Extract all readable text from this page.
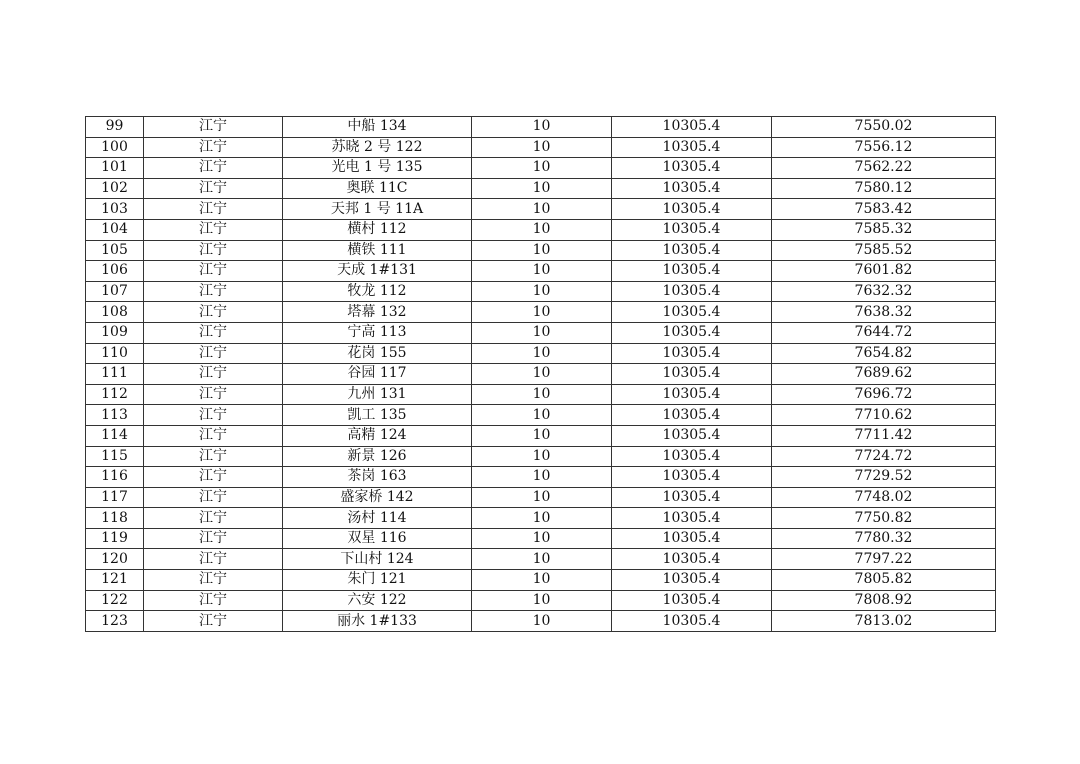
99	江宁	中船 134	10	10305.4	7550.02
100	江宁	苏晓 2 号 122	10	10305.4	7556.12
101	江宁	光电 1 号 135	10	10305.4	7562.22
102	江宁	奥联 11C	10	10305.4	7580.12
103	江宁	天邦 1 号 11A	10	10305.4	7583.42
104	江宁	横村 112	10	10305.4	7585.32
105	江宁	横铁 111	10	10305.4	7585.52
106	江宁	天成 1#131	10	10305.4	7601.82
107	江宁	牧龙 112	10	10305.4	7632.32
108	江宁	塔幕 132	10	10305.4	7638.32
109	江宁	宁高 113	10	10305.4	7644.72
110	江宁	花岗 155	10	10305.4	7654.82
111	江宁	谷园 117	10	10305.4	7689.62
112	江宁	九州 131	10	10305.4	7696.72
113	江宁	凯工 135	10	10305.4	7710.62
114	江宁	高精 124	10	10305.4	7711.42
115	江宁	新景 126	10	10305.4	7724.72
116	江宁	茶岗 163	10	10305.4	7729.52
117	江宁	盛家桥 142	10	10305.4	7748.02
118	江宁	汤村 114	10	10305.4	7750.82
119	江宁	双星 116	10	10305.4	7780.32
120	江宁	下山村 124	10	10305.4	7797.22
121	江宁	朱门 121	10	10305.4	7805.82
122	江宁	六安 122	10	10305.4	7808.92
123	江宁	丽水 1#133	10	10305.4	7813.02
